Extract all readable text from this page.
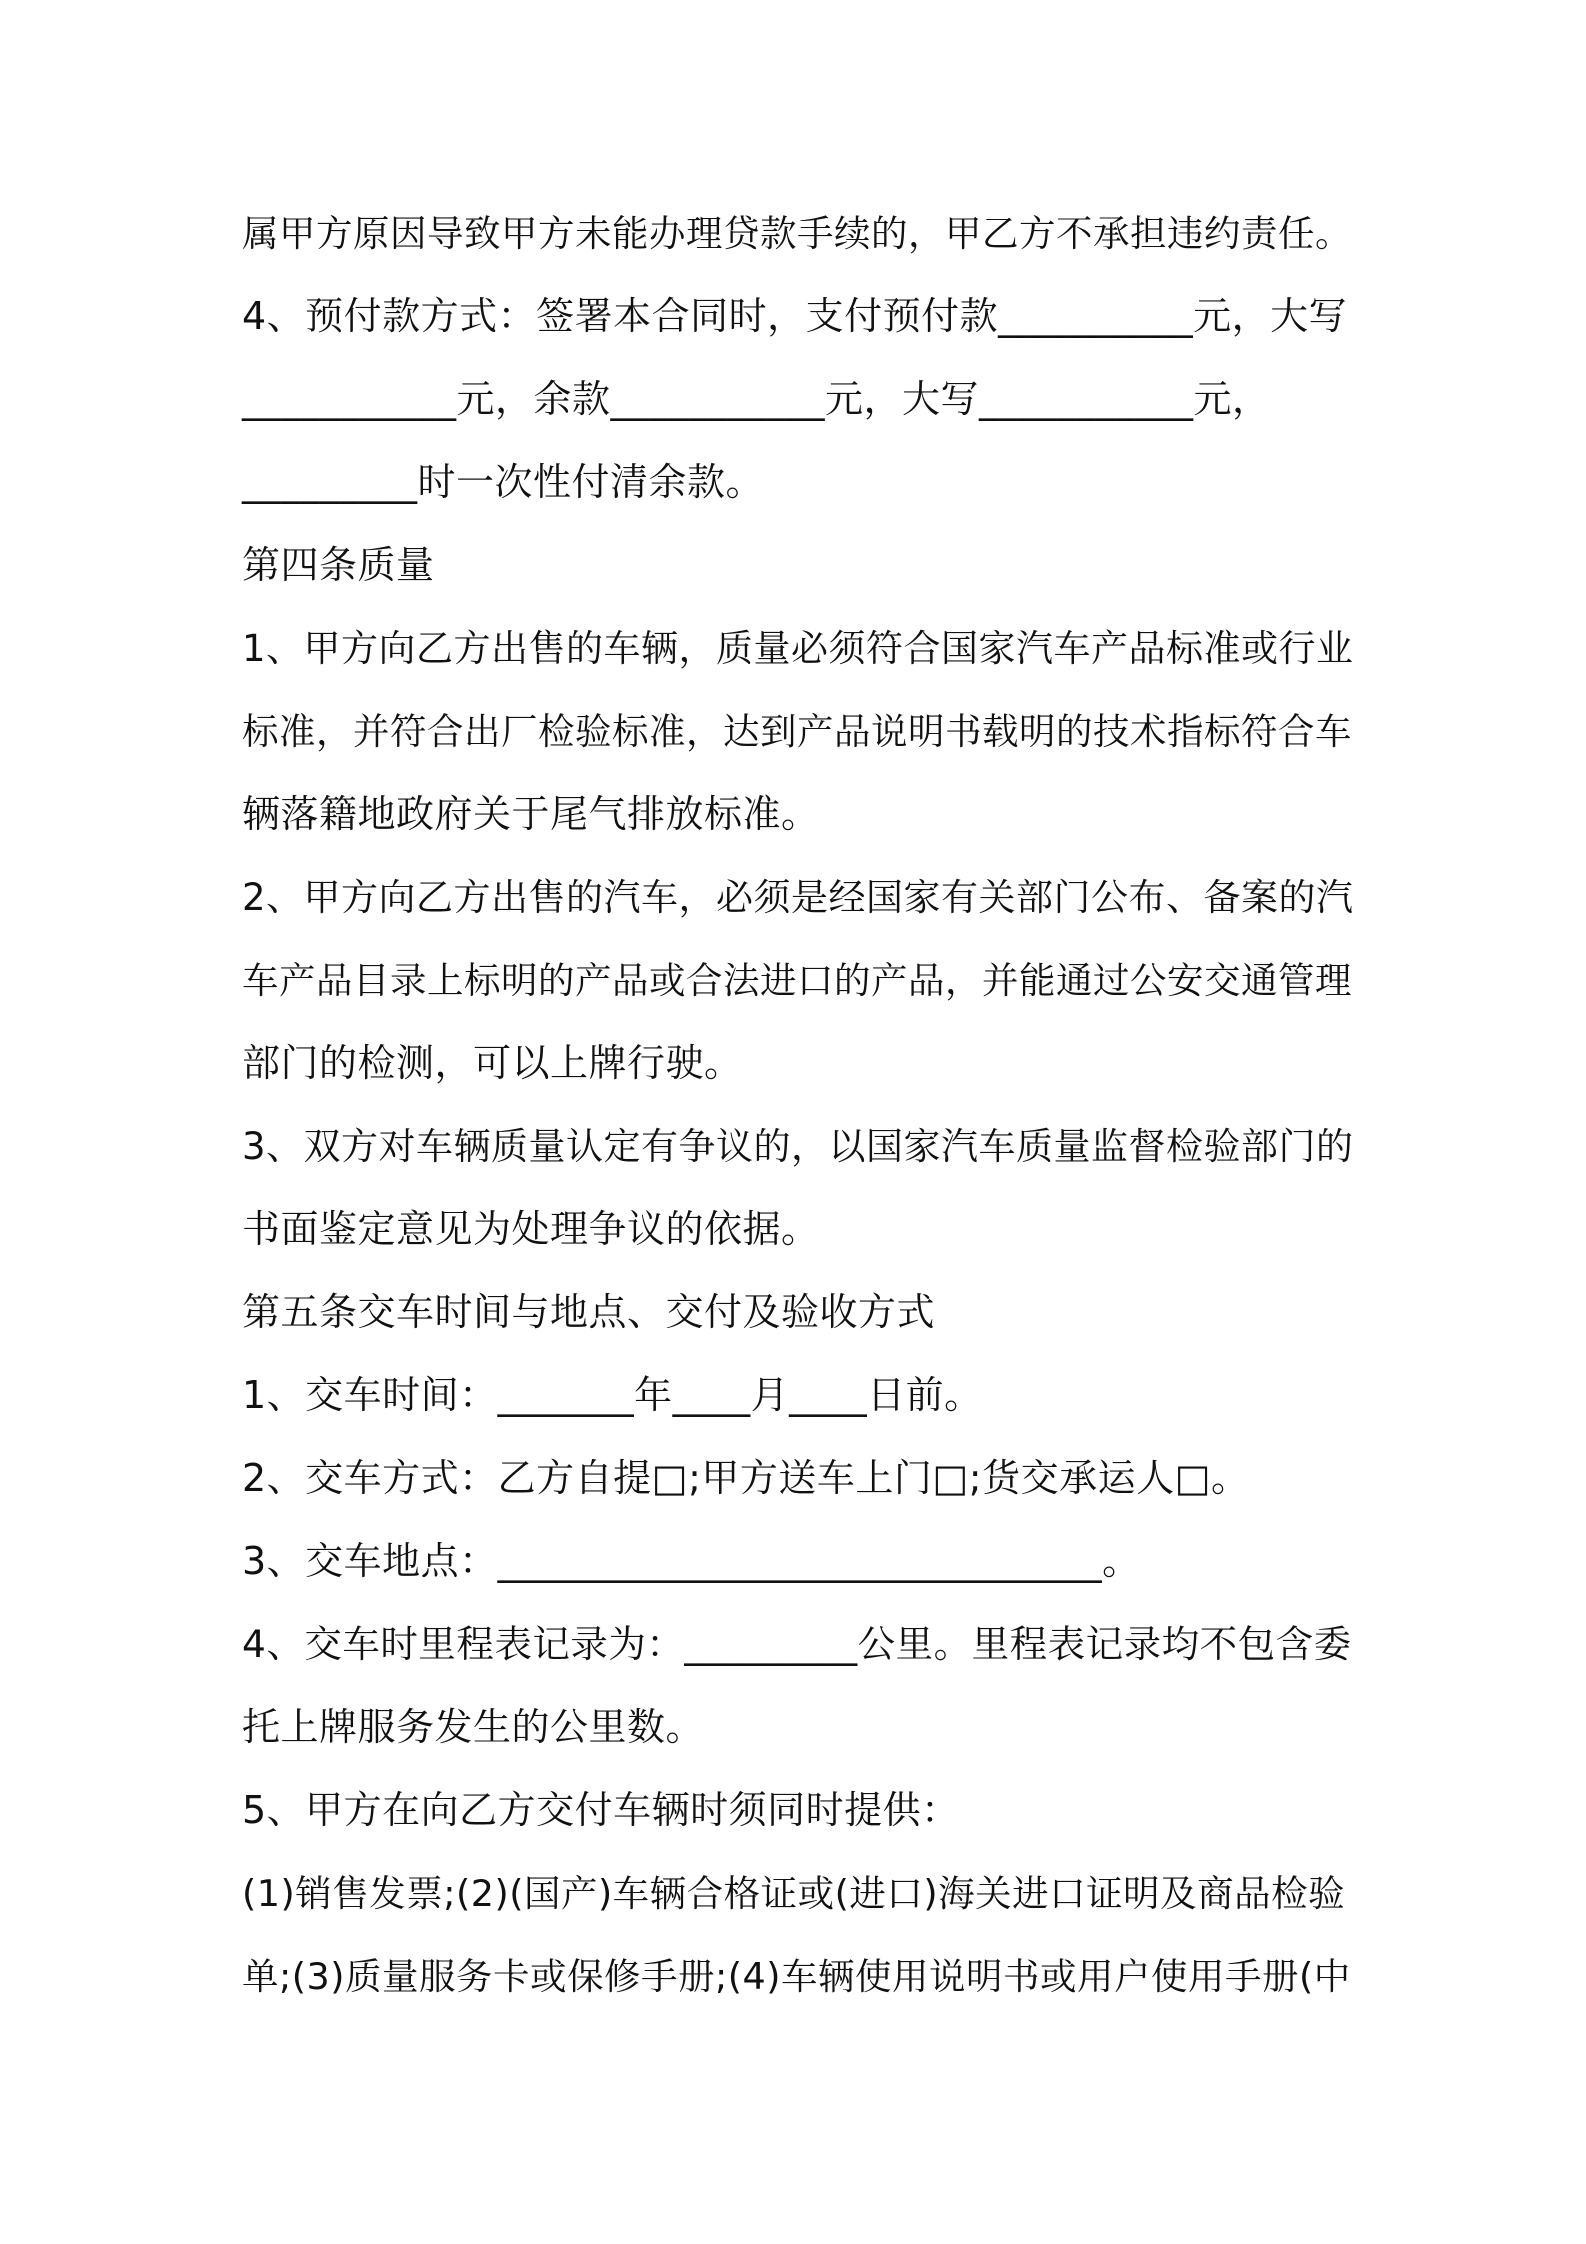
属甲方原因导致甲方未能办理贷款手续的，甲乙方不承担违约责任。
4、预付款方式：签署本合同时，支付预付款__________元，大写
___________元，余款___________元，大写___________元，
_________时一次性付清余款。
第四条质量
1、甲方向乙方出售的车辆，质量必须符合国家汽车产品标准或行业
标准，并符合出厂检验标准，达到产品说明书载明的技术指标符合车
辆落籍地政府关于尾气排放标准。
2、甲方向乙方出售的汽车，必须是经国家有关部门公布、备案的汽
车产品目录上标明的产品或合法进口的产品，并能通过公安交通管理
部门的检测，可以上牌行驶。
3、双方对车辆质量认定有争议的，以国家汽车质量监督检验部门的
书面鉴定意见为处理争议的依据。
第五条交车时间与地点、交付及验收方式
1、交车时间：_______年____月____日前。
2、交车方式：乙方自提□;甲方送车上门□;货交承运人□。
3、交车地点：_______________________________。
4、交车时里程表记录为：_________公里。里程表记录均不包含委
托上牌服务发生的公里数。
5、甲方在向乙方交付车辆时须同时提供：
(1)销售发票;(2)(国产)车辆合格证或(进口)海关进口证明及商品检验
单;(3)质量服务卡或保修手册;(4)车辆使用说明书或用户使用手册(中
